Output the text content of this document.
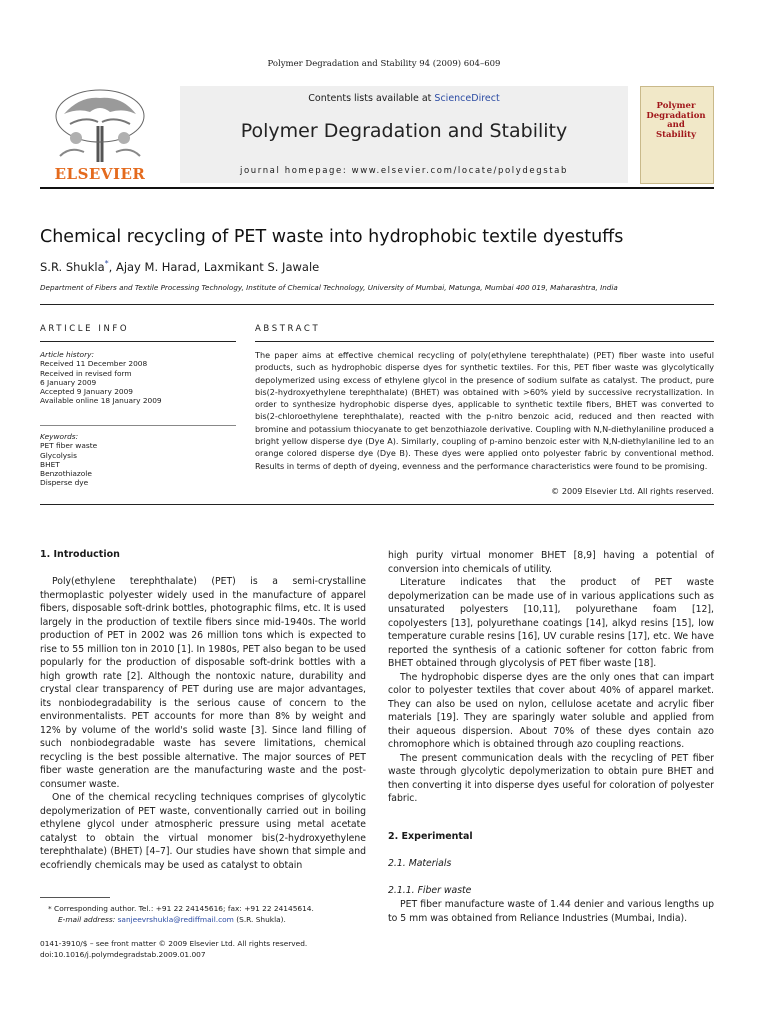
Polymer Degradation and Stability 94 (2009) 604–609
ELSEVIER
Contents lists available at ScienceDirect
Polymer Degradation and Stability
journal homepage: www.elsevier.com/locate/polydegstab
Polymer
Degradation
and
Stability
Chemical recycling of PET waste into hydrophobic textile dyestuffs
S.R. Shukla*, Ajay M. Harad, Laxmikant S. Jawale
Department of Fibers and Textile Processing Technology, Institute of Chemical Technology, University of Mumbai, Matunga, Mumbai 400 019, Maharashtra, India
ARTICLE INFO
Article history:
Received 11 December 2008
Received in revised form
6 January 2009
Accepted 9 January 2009
Available online 18 January 2009
Keywords:
PET fiber waste
Glycolysis
BHET
Benzothiazole
Disperse dye
ABSTRACT
The paper aims at effective chemical recycling of poly(ethylene terephthalate) (PET) fiber waste into useful products, such as hydrophobic disperse dyes for synthetic textiles. For this, PET fiber waste was glycolytically depolymerized using excess of ethylene glycol in the presence of sodium sulfate as catalyst. The product, pure bis(2-hydroxyethylene terephthalate) (BHET) was obtained with >60% yield by successive recrystallization. In order to synthesize hydrophobic disperse dyes, applicable to synthetic textile fibers, BHET was converted to bis(2-chloroethylene terephthalate), reacted with the p-nitro benzoic acid, reduced and then reacted with bromine and potassium thiocyanate to get benzothiazole derivative. Coupling with N,N-diethylaniline produced a bright yellow disperse dye (Dye A). Similarly, coupling of p-amino benzoic ester with N,N-diethylaniline led to an orange colored disperse dye (Dye B). These dyes were applied onto polyester fabric by conventional method. Results in terms of depth of dyeing, evenness and the performance characteristics were found to be promising.
© 2009 Elsevier Ltd. All rights reserved.
1. Introduction

Poly(ethylene terephthalate) (PET) is a semi-crystalline thermoplastic polyester widely used in the manufacture of apparel fibers, disposable soft-drink bottles, photographic films, etc. It is used largely in the production of textile fibers since mid-1940s. The world production of PET in 2002 was 26 million tons which is expected to rise to 55 million ton in 2010 [1]. In 1980s, PET also began to be used popularly for the production of disposable soft-drink bottles with a high growth rate [2]. Although the nontoxic nature, durability and crystal clear transparency of PET during use are major advantages, its nonbiodegradability is the serious cause of concern to the environmentalists. PET accounts for more than 8% by weight and 12% by volume of the world's solid waste [3]. Since land filling of such nonbiodegradable waste has severe limitations, chemical recycling is the best possible alternative. The major sources of PET fiber waste generation are the manufacturing waste and the post-consumer waste.

One of the chemical recycling techniques comprises of glycolytic depolymerization of PET waste, conventionally carried out in boiling ethylene glycol under atmospheric pressure using metal acetate catalyst to obtain the virtual monomer bis(2-hydroxyethylene terephthalate) (BHET) [4–7]. Our studies have shown that simple and ecofriendly chemicals may be used as catalyst to obtain

* Corresponding author. Tel.: +91 22 24145616; fax: +91 22 24145614.
E-mail address: sanjeevrshukla@rediffmail.com (S.R. Shukla).
0141-3910/$ – see front matter © 2009 Elsevier Ltd. All rights reserved.
doi:10.1016/j.polymdegradstab.2009.01.007

high purity virtual monomer BHET [8,9] having a potential of conversion into chemicals of utility.

Literature indicates that the product of PET waste depolymerization can be made use of in various applications such as unsaturated polyesters [10,11], polyurethane foam [12], copolyesters [13], polyurethane coatings [14], alkyd resins [15], low temperature curable resins [16], UV curable resins [17], etc. We have reported the synthesis of a cationic softener for cotton fabric from BHET obtained through glycolysis of PET fiber waste [18].

The hydrophobic disperse dyes are the only ones that can impart color to polyester textiles that cover about 40% of apparel market. They can also be used on nylon, cellulose acetate and acrylic fiber materials [19]. They are sparingly water soluble and applied from their aqueous dispersion. About 70% of these dyes contain azo chromophore which is obtained through azo coupling reactions.

The present communication deals with the recycling of PET fiber waste through glycolytic depolymerization to obtain pure BHET and then converting it into disperse dyes useful for coloration of polyester fabric.

2. Experimental
2.1. Materials
2.1.1. Fiber waste

PET fiber manufacture waste of 1.44 denier and various lengths up to 5 mm was obtained from Reliance Industries (Mumbai, India).
